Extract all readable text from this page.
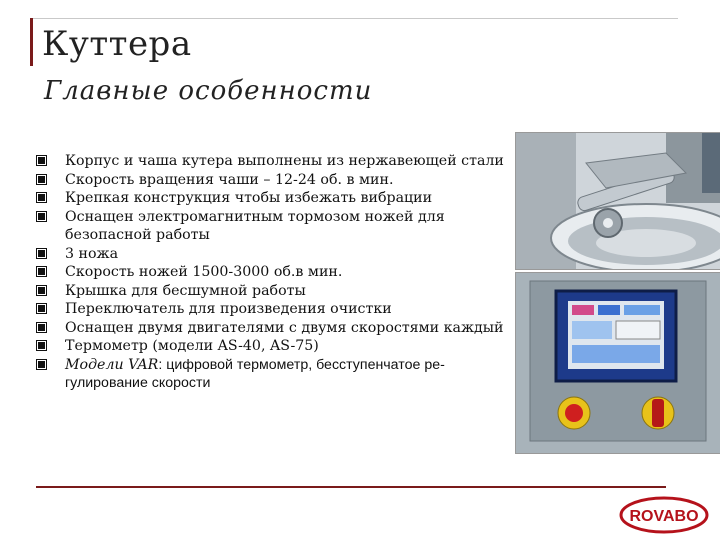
Куттера
Главные особенности
Корпус и чаша кутера выполнены из нержавеющей стали
Скорость вращения чаши – 12-24 об. в мин.
Крепкая конструкция чтобы избежать вибрации
Оснащен электромагнитным тормозом ножей для безопасной работы
3 ножа
Скорость ножей 1500-3000 об.в мин.
Крышка для бесшумной работы
Переключатель для произведения очистки
Оснащен двумя двигателями с двумя скоростями каждый
Термометр (модели AS-40, AS-75)
Модели VAR: цифровой термометр, бесступенчатое ре-гулирование скорости
ROVABO
